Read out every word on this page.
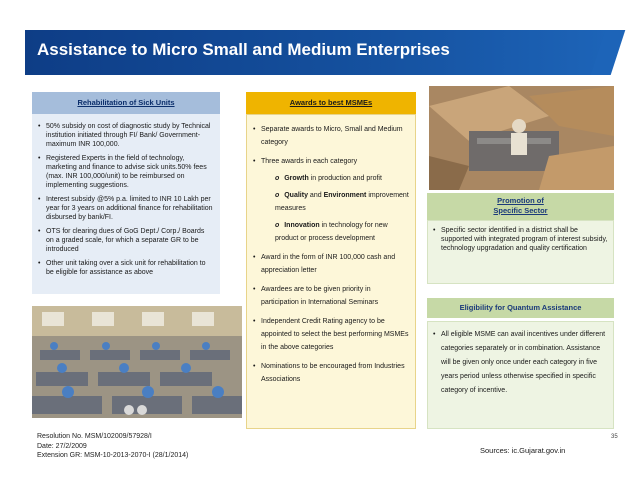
Assistance to Micro Small and Medium Enterprises
Rehabilitation of Sick Units
• 50% subsidy on cost of diagnostic study by Technical institution initiated through FI/ Bank/ Government- maximum INR 100,000.
• Registered Experts in the field of technology, marketing and finance to advise sick units.50% fees (max. INR 100,000/unit) to be reimbursed on implementing suggestions.
• Interest subsidy @5% p.a. limited to INR 10 Lakh per year for 3 years on additional finance for rehabilitation disbursed by bank/FI.
• OTS for clearing dues of GoG Dept./ Corp./ Boards on a graded scale, for which a separate GR to be introduced
• Other unit taking over a sick unit for rehabilitation to be eligible for assistance as above
Awards to best MSMEs
• Separate awards to Micro, Small and Medium category
• Three awards in each category
o Growth in production and profit
o Quality and Environment improvement measures
o Innovation in technology for new product or process development
• Award in the form of INR 100,000 cash and appreciation letter
• Awardees are to be given priority in participation in International Seminars
• Independent Credit Rating agency to be appointed to select the best performing MSMEs in the above categories
• Nominations to be encouraged from Industries Associations
Promotion of
Specific Sector
• Specific sector identified in a district shall be supported with integrated program of interest subsidy, technology upgradation and quality certification
Eligibility for Quantum Assistance
• All eligible MSME can avail incentives under different categories separately or in combination. Assistance will be given only once under each category in five years period unless otherwise specified in specific category of incentive.
Resolution No. MSM/102009/57928/I
Date: 27/2/2009
Extension GR: MSM-10-2013-2070-I (28/1/2014)
Sources: ic.Gujarat.gov.in
35
